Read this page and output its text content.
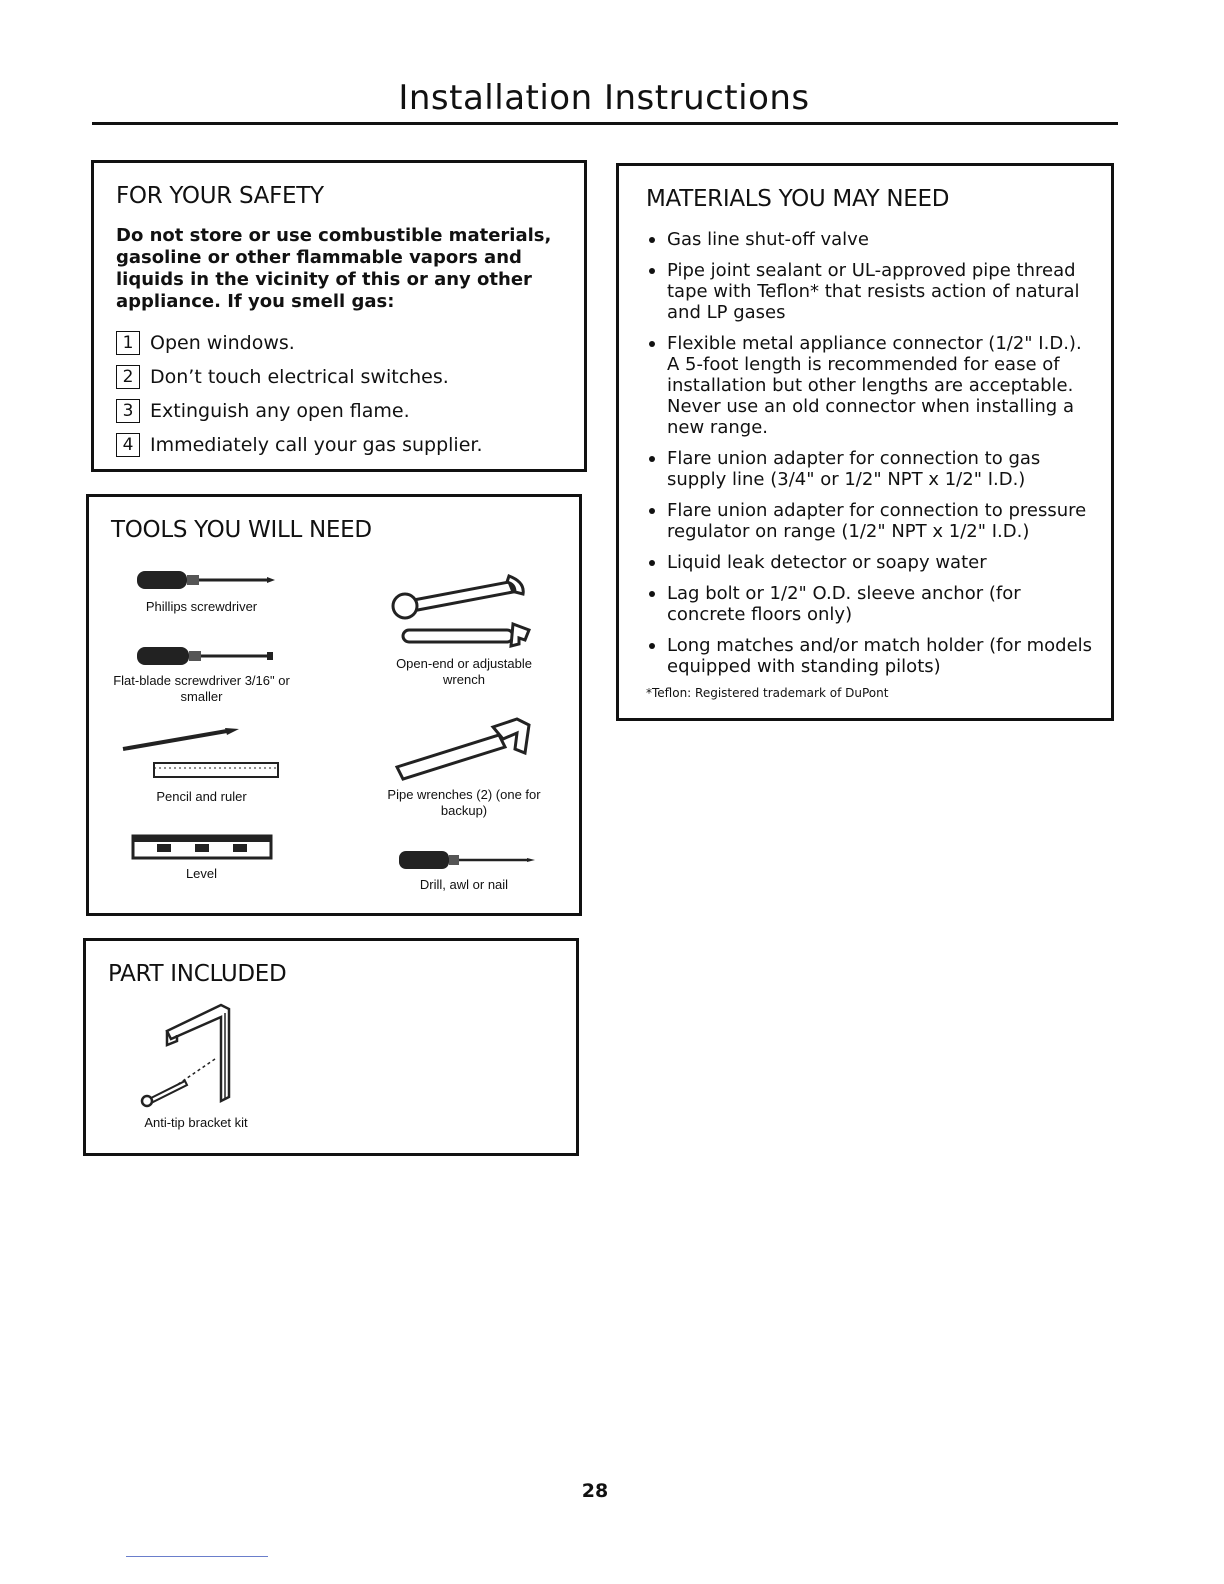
Installation Instructions
FOR YOUR SAFETY
Do not store or use combustible materials, gasoline or other flammable vapors and liquids in the vicinity of this or any other appliance. If you smell gas:
1 Open windows.
2 Don’t touch electrical switches.
3 Extinguish any open flame.
4 Immediately call your gas supplier.
TOOLS YOU WILL NEED
Phillips screwdriver
Open-end or adjustable wrench
Flat-blade screwdriver 3/16" or smaller
Pencil and ruler	Pipe wrenches (2) (one for backup)
Level
Drill, awl or nail
PART INCLUDED
Anti-tip bracket kit
MATERIALS YOU MAY NEED
Gas line shut-off valve
Pipe joint sealant or UL-approved pipe thread tape with Teflon* that resists action of natural and LP gases
Flexible metal appliance connector (1/2" I.D.). A 5-foot length is recommended for ease of installation but other lengths are acceptable. Never use an old connector when installing a new range.
Flare union adapter for connection to gas supply line (3/4" or 1/2" NPT x 1/2" I.D.)
Flare union adapter for connection to pressure regulator on range (1/2" NPT x 1/2" I.D.)
Liquid leak detector or soapy water
Lag bolt or 1/2" O.D. sleeve anchor (for concrete floors only)
Long matches and/or match holder (for models equipped with standing pilots)
*Teflon: Registered trademark of DuPont
28
